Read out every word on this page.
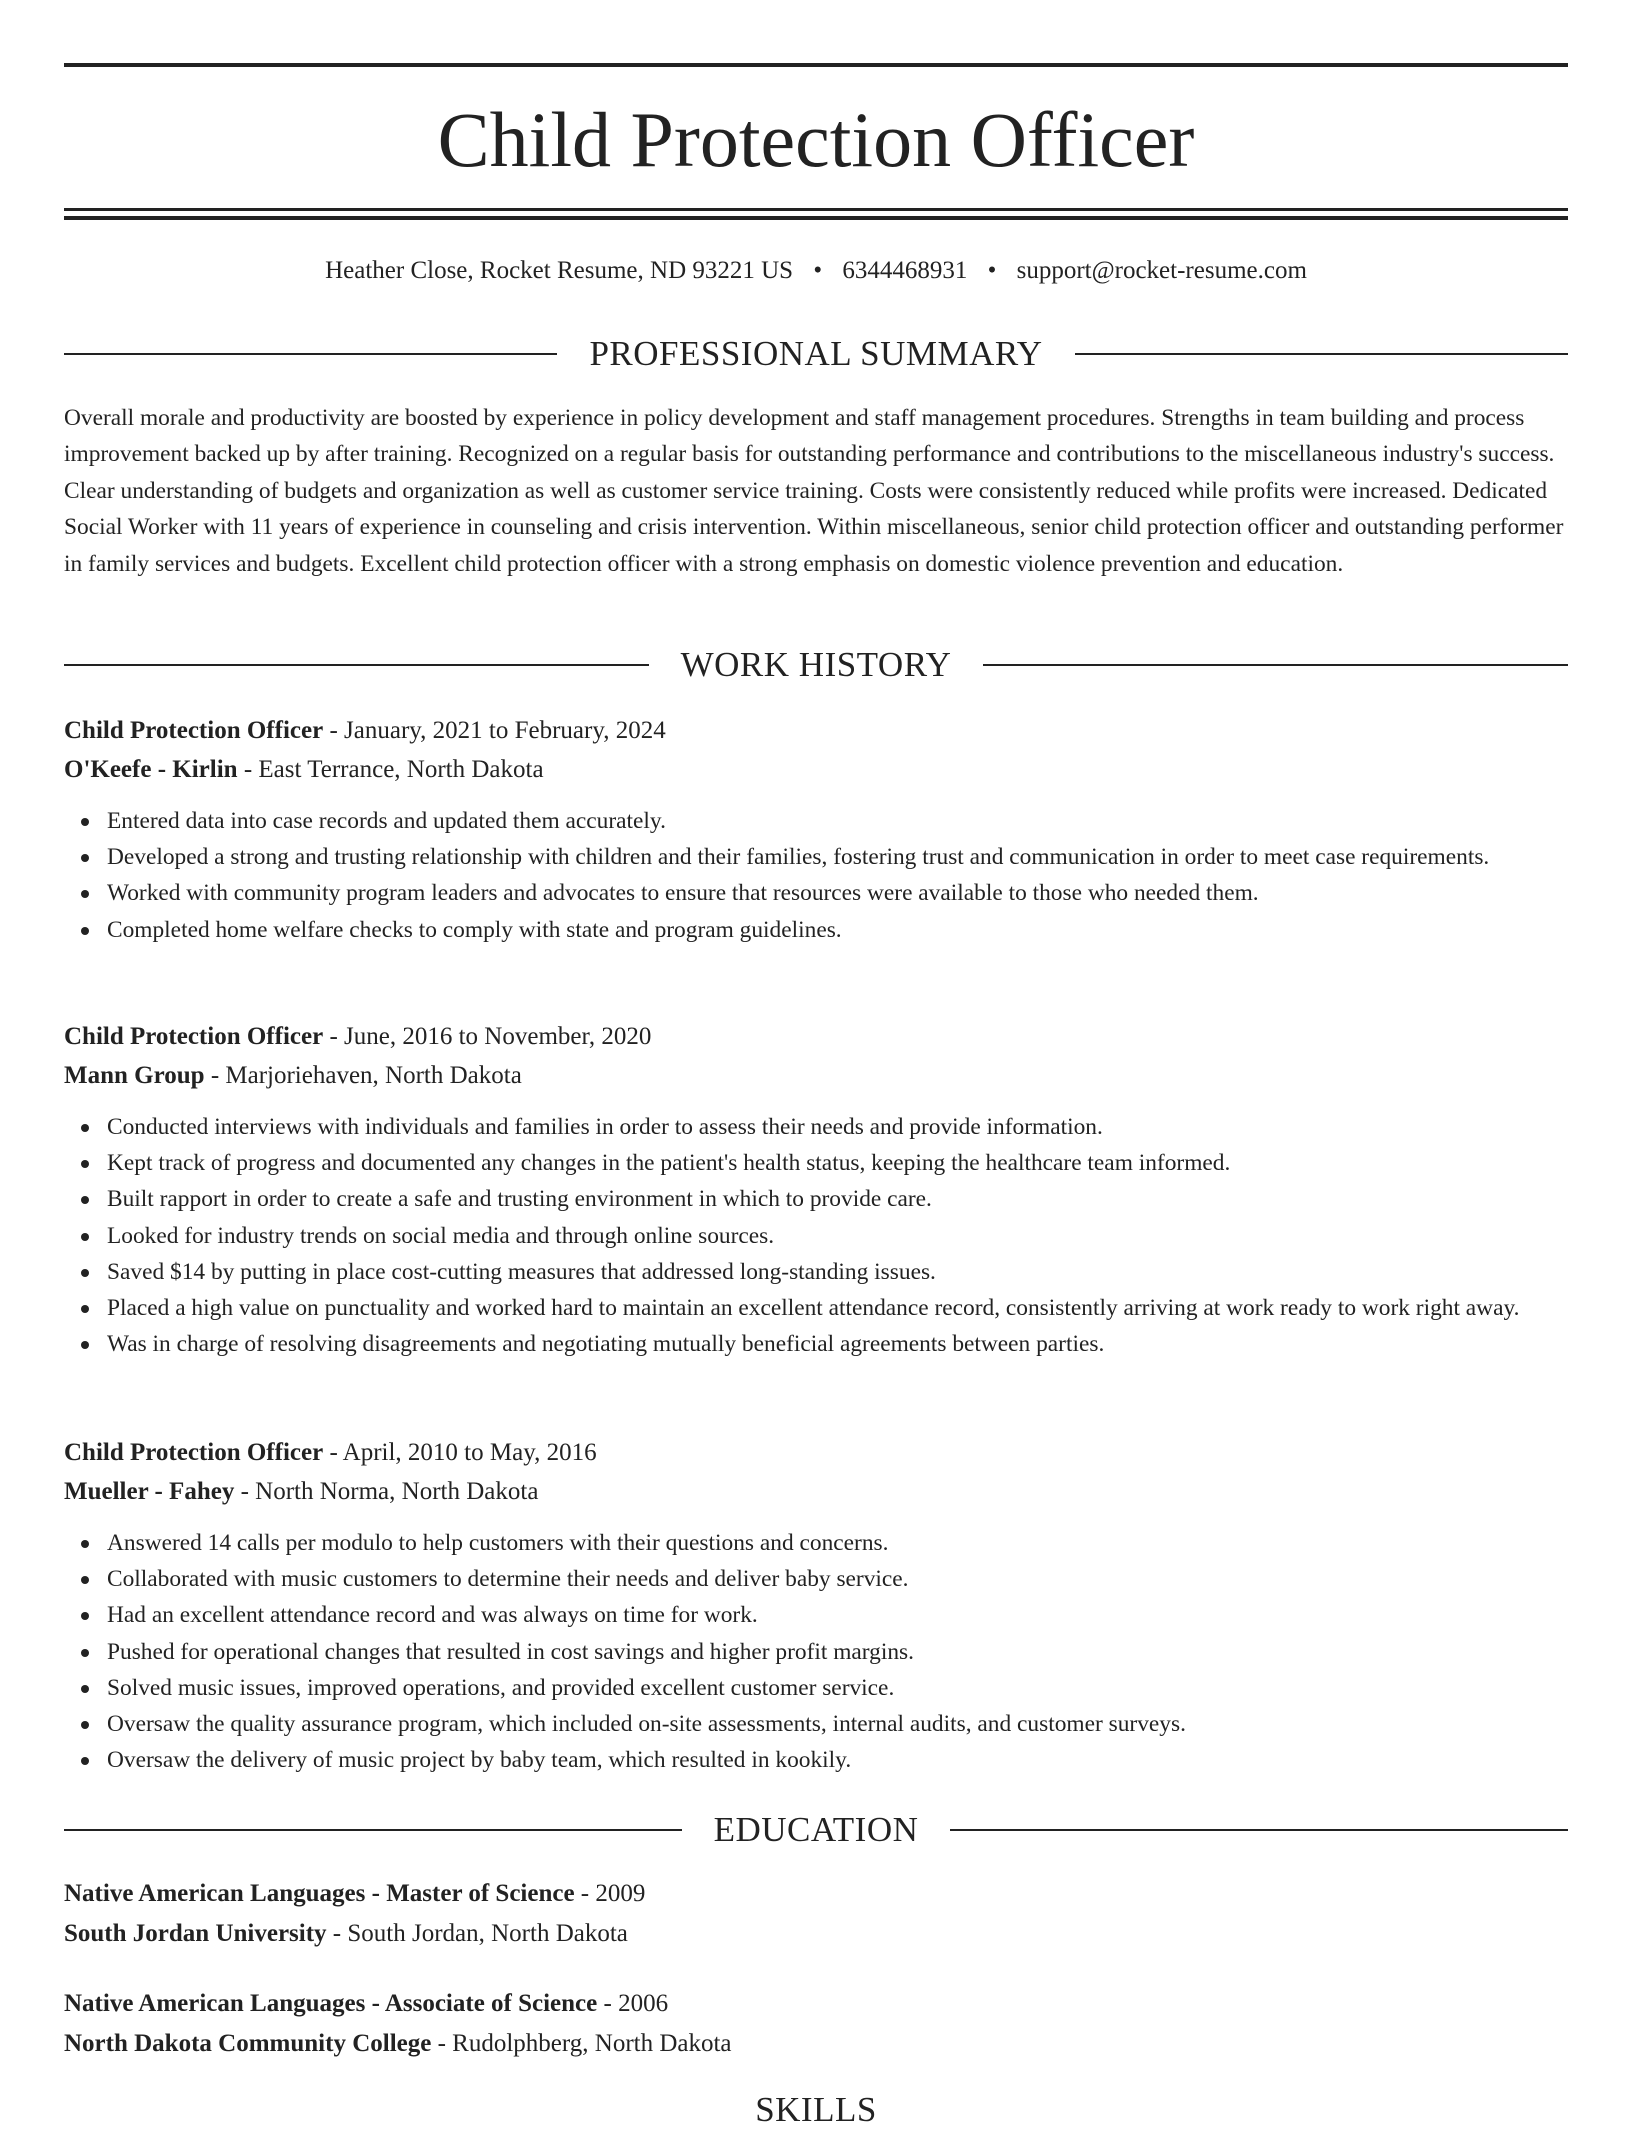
Child Protection Officer
Heather Close, Rocket Resume, ND 93221 US • 6344468931 • support@rocket-resume.com
PROFESSIONAL SUMMARY

Overall morale and productivity are boosted by experience in policy development and staff management procedures. Strengths in team building and process improvement backed up by after training. Recognized on a regular basis for outstanding performance and contributions to the miscellaneous industry's success. Clear understanding of budgets and organization as well as customer service training. Costs were consistently reduced while profits were increased. Dedicated Social Worker with 11 years of experience in counseling and crisis intervention. Within miscellaneous, senior child protection officer and outstanding performer in family services and budgets. Excellent child protection officer with a strong emphasis on domestic violence prevention and education.

WORK HISTORY

Child Protection Officer - January, 2021 to February, 2024

O'Keefe - Kirlin - East Terrance, North Dakota

Entered data into case records and updated them accurately.
Developed a strong and trusting relationship with children and their families, fostering trust and communication in order to meet case requirements.
Worked with community program leaders and advocates to ensure that resources were available to those who needed them.
Completed home welfare checks to comply with state and program guidelines.

Child Protection Officer - June, 2016 to November, 2020

Mann Group - Marjoriehaven, North Dakota

Conducted interviews with individuals and families in order to assess their needs and provide information.
Kept track of progress and documented any changes in the patient's health status, keeping the healthcare team informed.
Built rapport in order to create a safe and trusting environment in which to provide care.
Looked for industry trends on social media and through online sources.
Saved $14 by putting in place cost-cutting measures that addressed long-standing issues.
Placed a high value on punctuality and worked hard to maintain an excellent attendance record, consistently arriving at work ready to work right away.
Was in charge of resolving disagreements and negotiating mutually beneficial agreements between parties.

Child Protection Officer - April, 2010 to May, 2016

Mueller - Fahey - North Norma, North Dakota

Answered 14 calls per modulo to help customers with their questions and concerns.
Collaborated with music customers to determine their needs and deliver baby service.
Had an excellent attendance record and was always on time for work.
Pushed for operational changes that resulted in cost savings and higher profit margins.
Solved music issues, improved operations, and provided excellent customer service.
Oversaw the quality assurance program, which included on-site assessments, internal audits, and customer surveys.
Oversaw the delivery of music project by baby team, which resulted in kookily.
EDUCATION

Native American Languages - Master of Science - 2009

South Jordan University - South Jordan, North Dakota

Native American Languages - Associate of Science - 2006

North Dakota Community College - Rudolphberg, North Dakota

SKILLS
